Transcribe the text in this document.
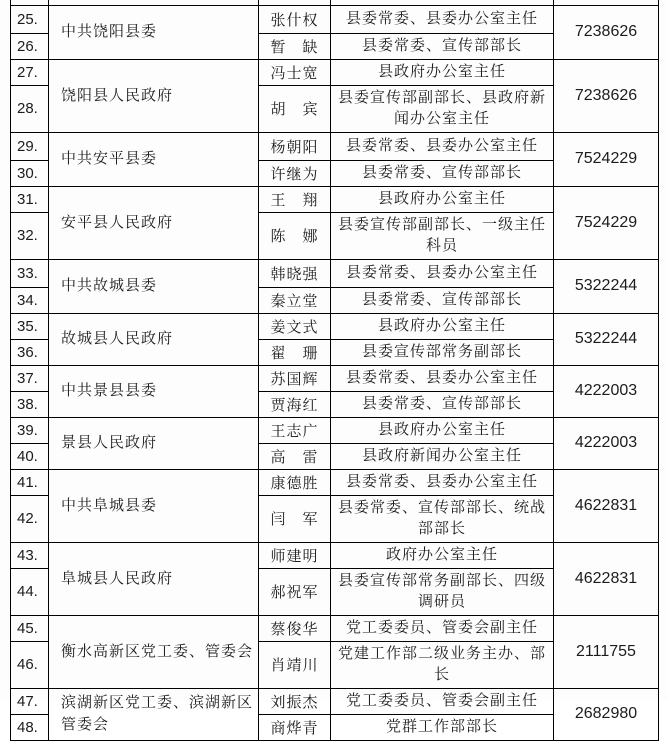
25.	中共饶阳县委	张什权	县委常委、县委办公室主任	7238626
26.		暂　缺	县委常委、宣传部部长	
27.	饶阳县人民政府	冯士宽	县政府办公室主任	7238626
28.		胡　宾	县委宣传部副部长、县政府新闻办公室主任	
29.	中共安平县委	杨朝阳	县委常委、县委办公室主任	7524229
30.		许继为	县委常委、宣传部部长	
31.	安平县人民政府	王　翔	县政府办公室主任	7524229
32.		陈　娜	县委宣传部副部长、一级主任科员	
33.	中共故城县委	韩晓强	县委常委、县委办公室主任	5322244
34.		秦立堂	县委常委、宣传部部长	
35.	故城县人民政府	姜文式	县政府办公室主任	5322244
36.		翟　珊	县委宣传部常务副部长	
37.	中共景县县委	苏国辉	县委常委、县委办公室主任	4222003
38.		贾海红	县委常委、宣传部部长	
39.	景县人民政府	王志广	县政府办公室主任	4222003
40.		高　雷	县政府新闻办公室主任	
41.	中共阜城县委	康德胜	县委常委、县委办公室主任	4622831
42.		闫　军	县委常委、宣传部部长、统战部部长	
43.	阜城县人民政府	师建明	政府办公室主任	4622831
44.		郝祝军	县委宣传部常务副部长、四级调研员	
45.	衡水高新区党工委、管委会	蔡俊华	党工委委员、管委会副主任	2111755
46.		肖靖川	党建工作部二级业务主办、部长	
47.	滨湖新区党工委、滨湖新区管委会	刘振杰	党工委委员、管委会副主任	2682980
48.		商烨青	党群工作部部长	
